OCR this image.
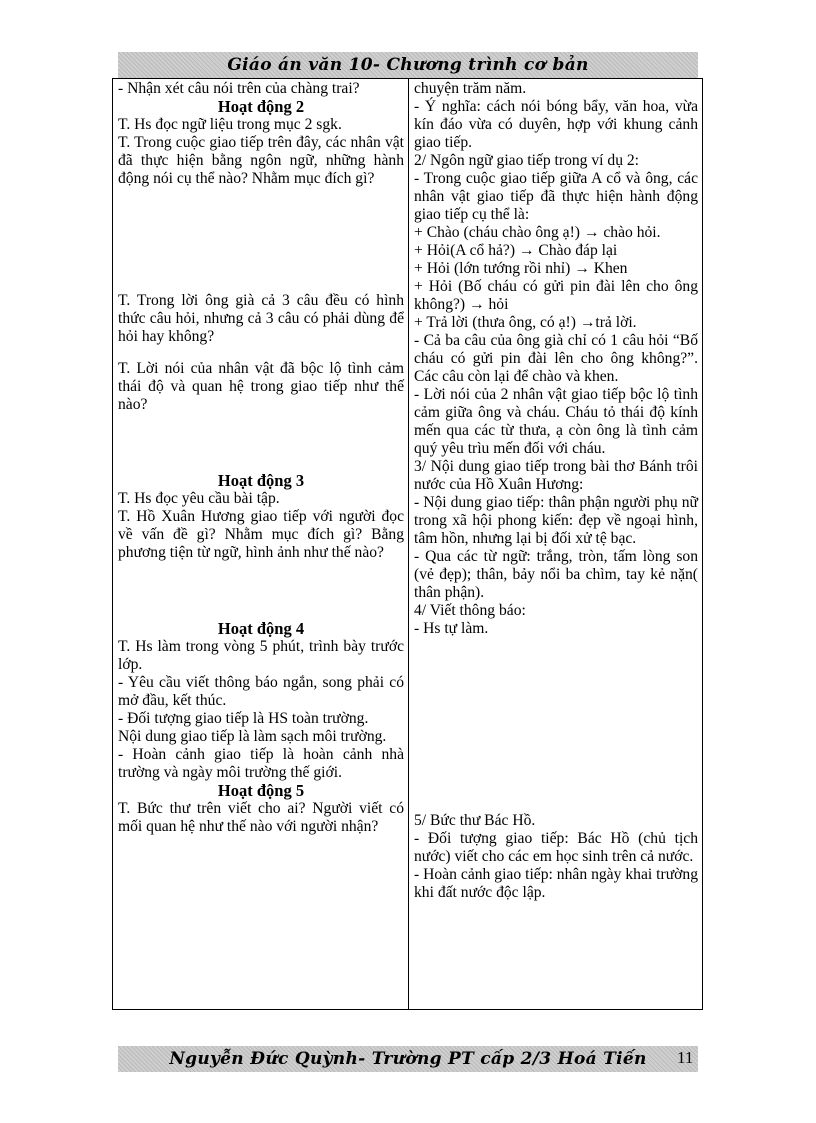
Giáo án văn 10- Chương trình cơ bản

- Nhận xét câu nói trên của chàng trai?

Hoạt động 2

T. Hs đọc ngữ liệu trong mục 2 sgk.

T. Trong cuộc giao tiếp trên đây, các nhân vật đã thực hiện bằng ngôn ngữ, những hành động nói cụ thể nào? Nhằm mục đích gì?

T. Trong lời ông già cả 3 câu đều có hình thức câu hỏi, nhưng cả 3 câu có phải dùng để hỏi hay không?

T. Lời nói của nhân vật đã bộc lộ tình cảm thái độ và quan hệ trong giao tiếp như thế nào?

Hoạt động 3

T. Hs đọc yêu cầu bài tập.

T. Hồ Xuân Hương giao tiếp với người đọc về vấn đề gì? Nhằm mục đích gì? Bằng phương tiện từ ngữ, hình ảnh như thế nào?

Hoạt động 4

T. Hs làm trong vòng 5 phút, trình bày trước lớp.

- Yêu cầu viết thông báo ngắn, song phải có mở đầu, kết thúc.

- Đối tượng giao tiếp là HS toàn trường.

Nội dung giao tiếp là làm sạch môi trường.

- Hoàn cảnh giao tiếp là hoàn cảnh nhà trường và ngày môi trường thế giới.

Hoạt động 5

T. Bức thư trên viết cho ai? Người viết có mối quan hệ như thế nào với người nhận?

chuyện trăm năm.

- Ý nghĩa: cách nói bóng bẩy, văn hoa, vừa kín đáo vừa có duyên, hợp với khung cảnh giao tiếp.

2/ Ngôn ngữ giao tiếp trong ví dụ 2:

- Trong cuộc giao tiếp giữa A cổ và ông, các nhân vật giao tiếp đã thực hiện hành động giao tiếp cụ thể là:

+ Chào (cháu chào ông ạ!) → chào hỏi.

+ Hỏi(A cổ hả?) → Chào đáp lại

+ Hỏi (lớn tướng rồi nhỉ) → Khen

+ Hỏi (Bố cháu có gửi pin đài lên cho ông không?) → hỏi

+ Trả lời (thưa ông, có ạ!) →trả lời.

- Cả ba câu của ông già chỉ có 1 câu hỏi “Bố cháu có gửi pin đài lên cho ông không?”. Các câu còn lại để chào và khen.

- Lời nói của 2 nhân vật giao tiếp bộc lộ tình cảm giữa ông và cháu. Cháu tỏ thái độ kính mến qua các từ thưa, ạ còn ông là tình cảm quý yêu trìu mến đối với cháu.

3/ Nội dung giao tiếp trong bài thơ Bánh trôi nước của Hồ Xuân Hương:

- Nội dung giao tiếp: thân phận người phụ nữ trong xã hội phong kiến: đẹp về ngoại hình, tâm hồn, nhưng lại bị đối xử tệ bạc.

- Qua các từ ngữ: trắng, tròn, tấm lòng son (vẻ đẹp); thân, bảy nổi ba chìm, tay kẻ nặn( thân phận).

4/ Viết thông báo:

- Hs tự làm.

5/ Bức thư Bác Hồ.

- Đối tượng giao tiếp: Bác Hồ (chủ tịch nước) viết cho các em học sinh trên cả nước.

- Hoàn cảnh giao tiếp: nhân ngày khai trường khi đất nước độc lập.

Nguyễn Đức Quỳnh- Trường PT cấp 2/3 Hoá Tiến 11
